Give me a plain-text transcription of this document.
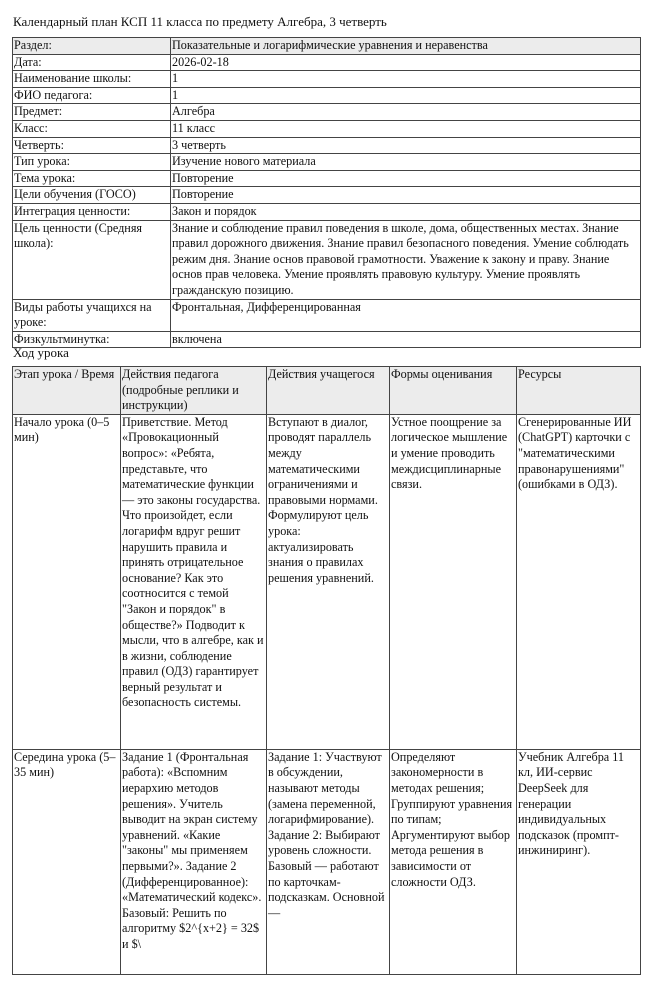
Календарный план КСП 11 класса по предмету Алгебра, 3 четверть
Раздел:	Показательные и логарифмические уравнения и неравенства
Дата:	2026-02-18
Наименование школы:	1
ФИО педагога:	1
Предмет:	Алгебра
Класс:	11 класс
Четверть:	3 четверть
Тип урока:	Изучение нового материала
Тема урока:	Повторение
Цели обучения (ГОСО)	Повторение
Интеграция ценности:	Закон и порядок
Цель ценности (Средняя школа):	Знание и соблюдение правил поведения в школе, дома, общественных местах. Знание правил дорожного движения. Знание правил безопасного поведения. Умение соблюдать режим дня. Знание основ правовой грамотности. Уважение к закону и праву. Знание основ прав человека. Умение проявлять правовую культуру. Умение проявлять гражданскую позицию.
Виды работы учащихся на уроке:	Фронтальная, Дифференцированная
Физкультминутка:	включена
Ход урока
Этап урока / Время	Действия педагога (подробные реплики и инструкции)	Действия учащегося	Формы оценивания	Ресурсы
Начало урока (0–5 мин)	Приветствие. Метод «Провокационный вопрос»: «Ребята, представьте, что математические функции — это законы государства. Что произойдет, если логарифм вдруг решит нарушить правила и принять отрицательное основание? Как это соотносится с темой "Закон и порядок" в обществе?» Подводит к мысли, что в алгебре, как и в жизни, соблюдение правил (ОДЗ) гарантирует верный результат и безопасность системы.	Вступают в диалог, проводят параллель между математическими ограничениями и правовыми нормами. Формулируют цель урока: актуализировать знания о правилах решения уравнений.	Устное поощрение за логическое мышление и умение проводить междисциплинарные связи.	Сгенерированные ИИ (ChatGPT) карточки с "математическими правонарушениями" (ошибками в ОДЗ).
Середина урока (5–35 мин)	Задание 1 (Фронтальная работа): «Вспомним иерархию методов решения». Учитель выводит на экран систему уравнений. «Какие "законы" мы применяем первыми?». Задание 2 (Дифференцированное): «Математический кодекс». Базовый: Решить по алгоритму $2^{x+2} = 32$ и $\	Задание 1: Участвуют в обсуждении, называют методы (замена переменной, логарифмирование). Задание 2: Выбирают уровень сложности. Базовый — работают по карточкам-подсказкам. Основной —	Определяют закономерности в методах решения; Группируют уравнения по типам; Аргументируют выбор метода решения в зависимости от сложности ОДЗ.	Учебник Алгебра 11 кл, ИИ-сервис DeepSeek для генерации индивидуальных подсказок (промпт-инжиниринг).
